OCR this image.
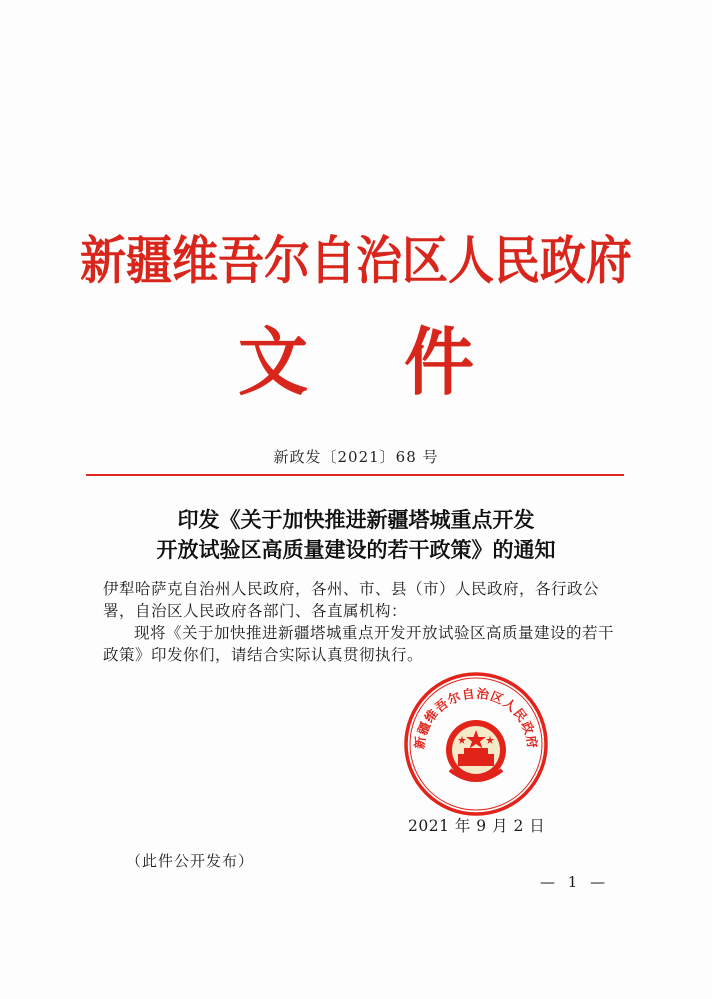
新疆维吾尔自治区人民政府
文 件
新政发〔2021〕68 号
印发《关于加快推进新疆塔城重点开发
开放试验区高质量建设的若干政策》的通知

伊犁哈萨克自治州人民政府，各州、市、县（市）人民政府，各行政公署，自治区人民政府各部门、各直属机构：

现将《关于加快推进新疆塔城重点开发开放试验区高质量建设的若干政策》印发你们，请结合实际认真贯彻执行。

新疆维吾尔自治区人民政府
2021 年 9 月 2 日
（此件公开发布）
— 1 —
